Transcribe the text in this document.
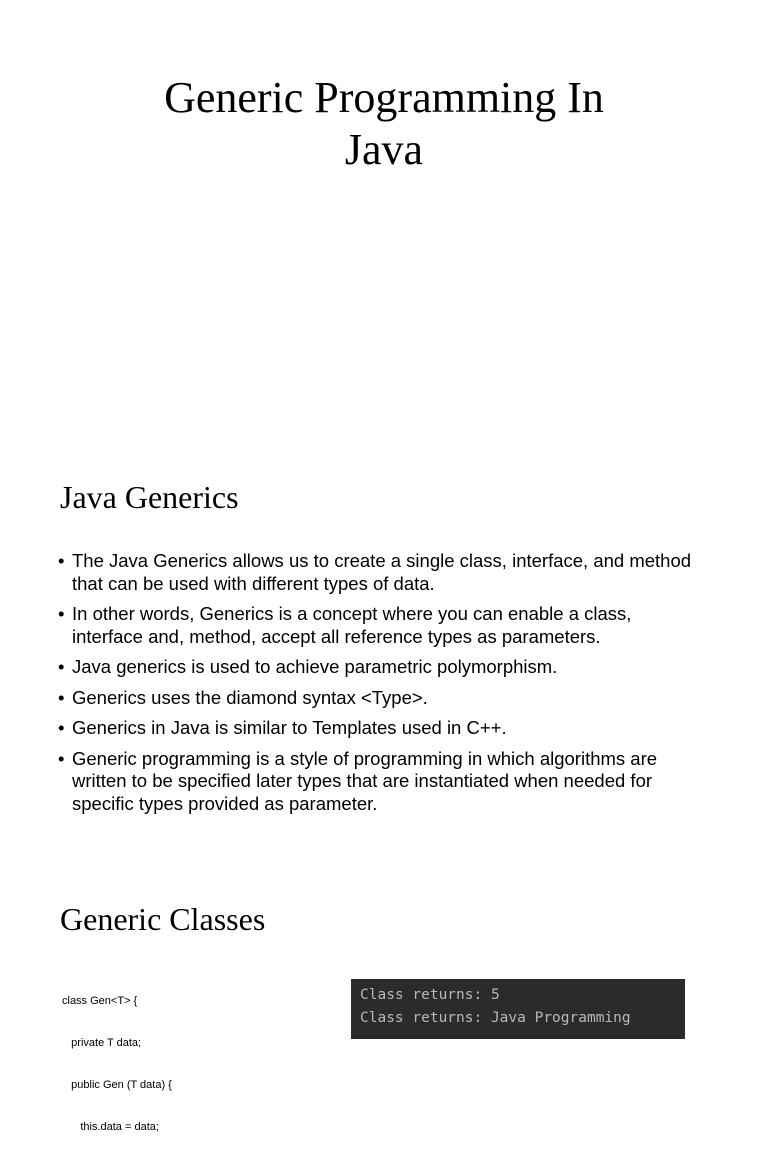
Generic Programming In
Java
Java Generics
• The Java Generics allows us to create a single class, interface, and method
that can be used with different types of data.
• In other words, Generics is a concept where you can enable a class,
interface and, method, accept all reference types as parameters.
• Java generics is used to achieve parametric polymorphism.
• Generics uses the diamond syntax <Type>.
• Generics in Java is similar to Templates used in C++.
• Generic programming is a style of programming in which algorithms are
written to be specified later types that are instantiated when needed for
specific types provided as parameter.
Generic Classes

class Gen<T> {

private T data;

public Gen (T data) {

this.data = data;

Class returns: 5
Class returns: Java Programming
